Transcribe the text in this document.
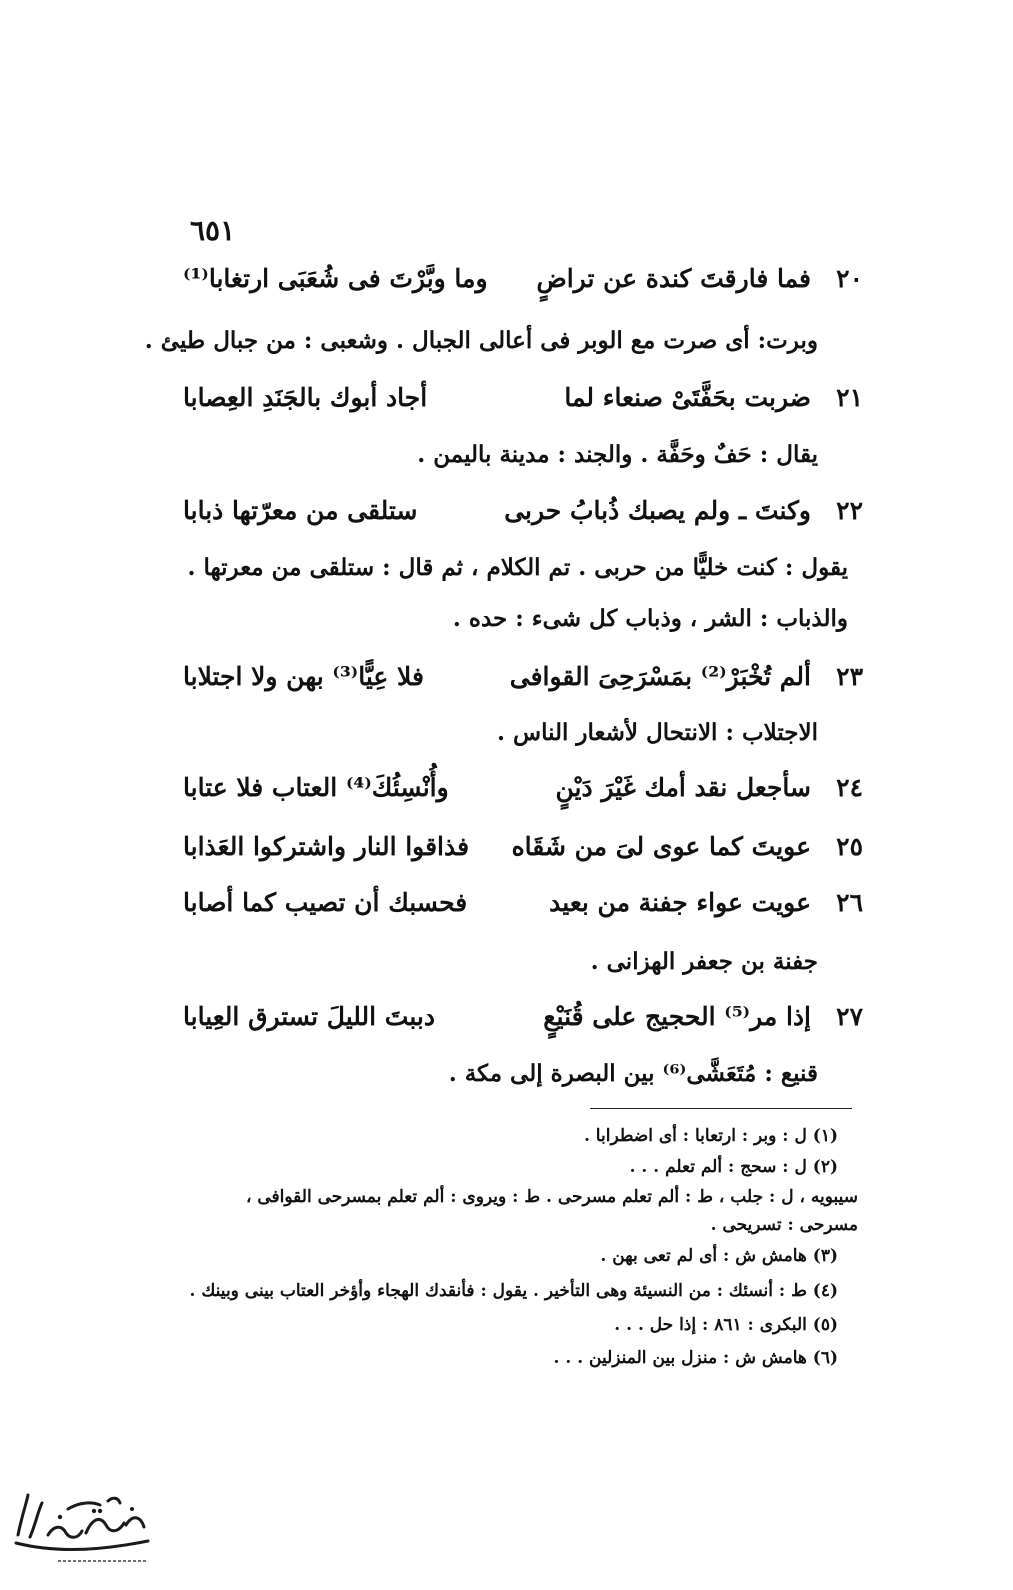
٦٥١
٢٠
فما فارقتَ كندة عن تراضٍ
وما وبَّرْتَ فى شُعَبَى ارتغابا⁽¹⁾
وبرت: أى صرت مع الوبر فى أعالى الجبال . وشعبى : من جبال طيئ .
٢١
ضربت بحَفَّتَىْ صنعاء لما
أجاد أبوك بالجَنَدِ العِصابا
يقال : حَفٌ وحَفَّة . والجند : مدينة باليمن .
٢٢
وكنتَ ـ ولم يصبك ذُبابُ حربى
ستلقى من معرّتها ذبابا
يقول : كنت خليًّا من حربى . تم الكلام ، ثم قال : ستلقى من معرتها .
والذباب : الشر ، وذباب كل شىء : حده .
٢٣
ألم تُخْبَرْ⁽²⁾ بمَسْرَحِىَ القوافى
فلا عِيًّا⁽³⁾ بهن ولا اجتلابا
الاجتلاب : الانتحال لأشعار الناس .
٢٤
سأجعل نقد أمك غَيْرَ دَيْنٍ
وأُنْسِئُكَ⁽⁴⁾ العتاب فلا عتابا
٢٥
عويتَ كما عوى لىَ من شَقَاه
فذاقوا النار واشتركوا العَذابا
٢٦
عويت عواء جفنة من بعيد
فحسبك أن تصيب كما أصابا
جفنة بن جعفر الهزانى .
٢٧
إذا مر⁽⁵⁾ الحجيج على قُنَيْعٍ
دببتَ الليلَ تسترق العِيابا
قنيع : مُتَعَشَّى⁽⁶⁾ بين البصرة إلى مكة .
(١) ل : وبر : ارتعابا : أى اضطرابا .
(٢) ل : سحج : ألم تعلم . . .
سيبويه ، ل : جلب ، ط : ألم تعلم مسرحى . ط : ويروى : ألم تعلم بمسرحى القوافى ،
مسرحى : تسريحى .
(٣) هامش ش : أى لم تعى بهن .
(٤) ط : أنسئك : من النسيئة وهى التأخير . يقول : فأنقدك الهجاء وأؤخر العتاب بينى وبينك .
(٥) البكرى : ٨٦١ : إذا حل . . .
(٦) هامش ش : منزل بين المنزلين . . .
